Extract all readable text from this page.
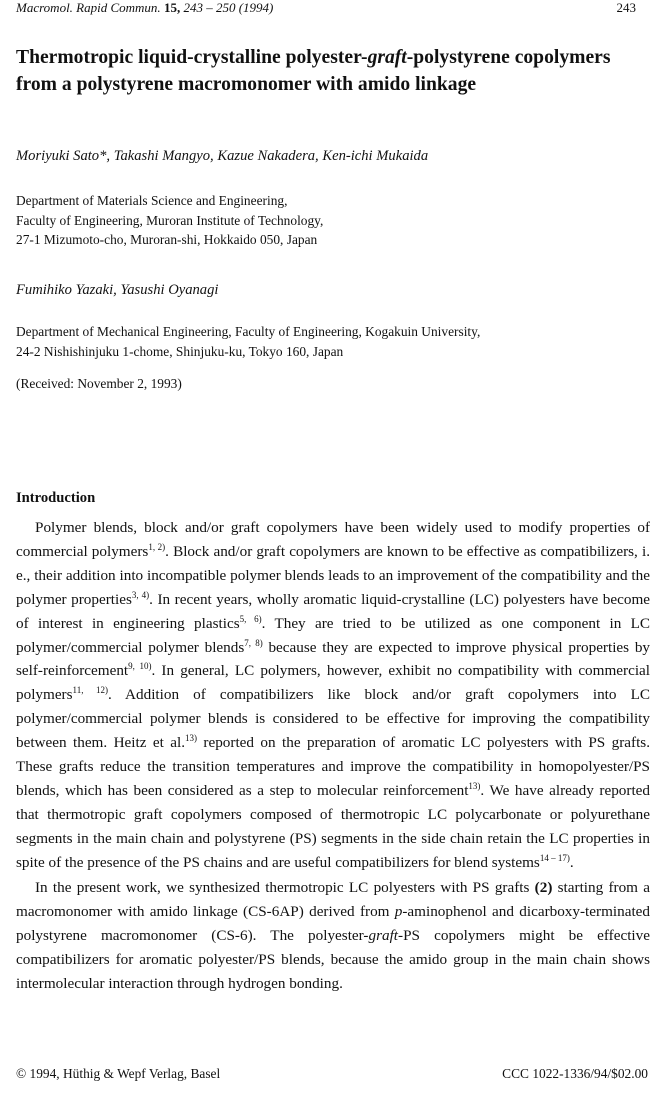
Macromol. Rapid Commun. 15, 243 – 250 (1994)	243
Thermotropic liquid-crystalline polyester-graft-polystyrene copolymers from a polystyrene macromonomer with amido linkage

Moriyuki Sato*, Takashi Mangyo, Kazue Nakadera, Ken-ichi Mukaida

Department of Materials Science and Engineering,
Faculty of Engineering, Muroran Institute of Technology,
27-1 Mizumoto-cho, Muroran-shi, Hokkaido 050, Japan

Fumihiko Yazaki, Yasushi Oyanagi

Department of Mechanical Engineering, Faculty of Engineering, Kogakuin University,
24-2 Nishishinjuku 1-chome, Shinjuku-ku, Tokyo 160, Japan

(Received: November 2, 1993)

Introduction

Polymer blends, block and/or graft copolymers have been widely used to modify properties of commercial polymers$^{1, 2)}$. Block and/or graft copolymers are known to be effective as compatibilizers, i. e., their addition into incompatible polymer blends leads to an improvement of the compatibility and the polymer properties$^{3, 4)}$. In recent years, wholly aromatic liquid-crystalline (LC) polyesters have become of interest in engineering plastics$^{5, 6)}$. They are tried to be utilized as one component in LC polymer/commercial polymer blends$^{7, 8)}$ because they are expected to improve physical properties by self-reinforcement$^{9, 10)}$. In general, LC polymers, however, exhibit no compatibility with commercial polymers$^{11, 12)}$. Addition of compatibilizers like block and/or graft copolymers into LC polymer/commercial polymer blends is considered to be effective for improving the compatibility between them. Heitz et al.$^{13)}$ reported on the preparation of aromatic LC polyesters with PS grafts. These grafts reduce the transition temperatures and improve the compatibility in homopolyester/PS blends, which has been considered as a step to molecular reinforcement$^{13)}$. We have already reported that thermotropic graft copolymers composed of thermotropic LC polycarbonate or polyurethane segments in the main chain and polystyrene (PS) segments in the side chain retain the LC properties in spite of the presence of the PS chains and are useful compatibilizers for blend systems$^{14 - 17)}$.

In the present work, we synthesized thermotropic LC polyesters with PS grafts (2) starting from a macromonomer with amido linkage (CS-6AP) derived from p-aminophenol and dicarboxy-terminated polystyrene macromonomer (CS-6). The polyester-graft-PS copolymers might be effective compatibilizers for aromatic polyester/PS blends, because the amido group in the main chain shows intermolecular interaction through hydrogen bonding.

© 1994, Hüthig & Wepf Verlag, Basel	CCC 1022-1336/94/$02.00
